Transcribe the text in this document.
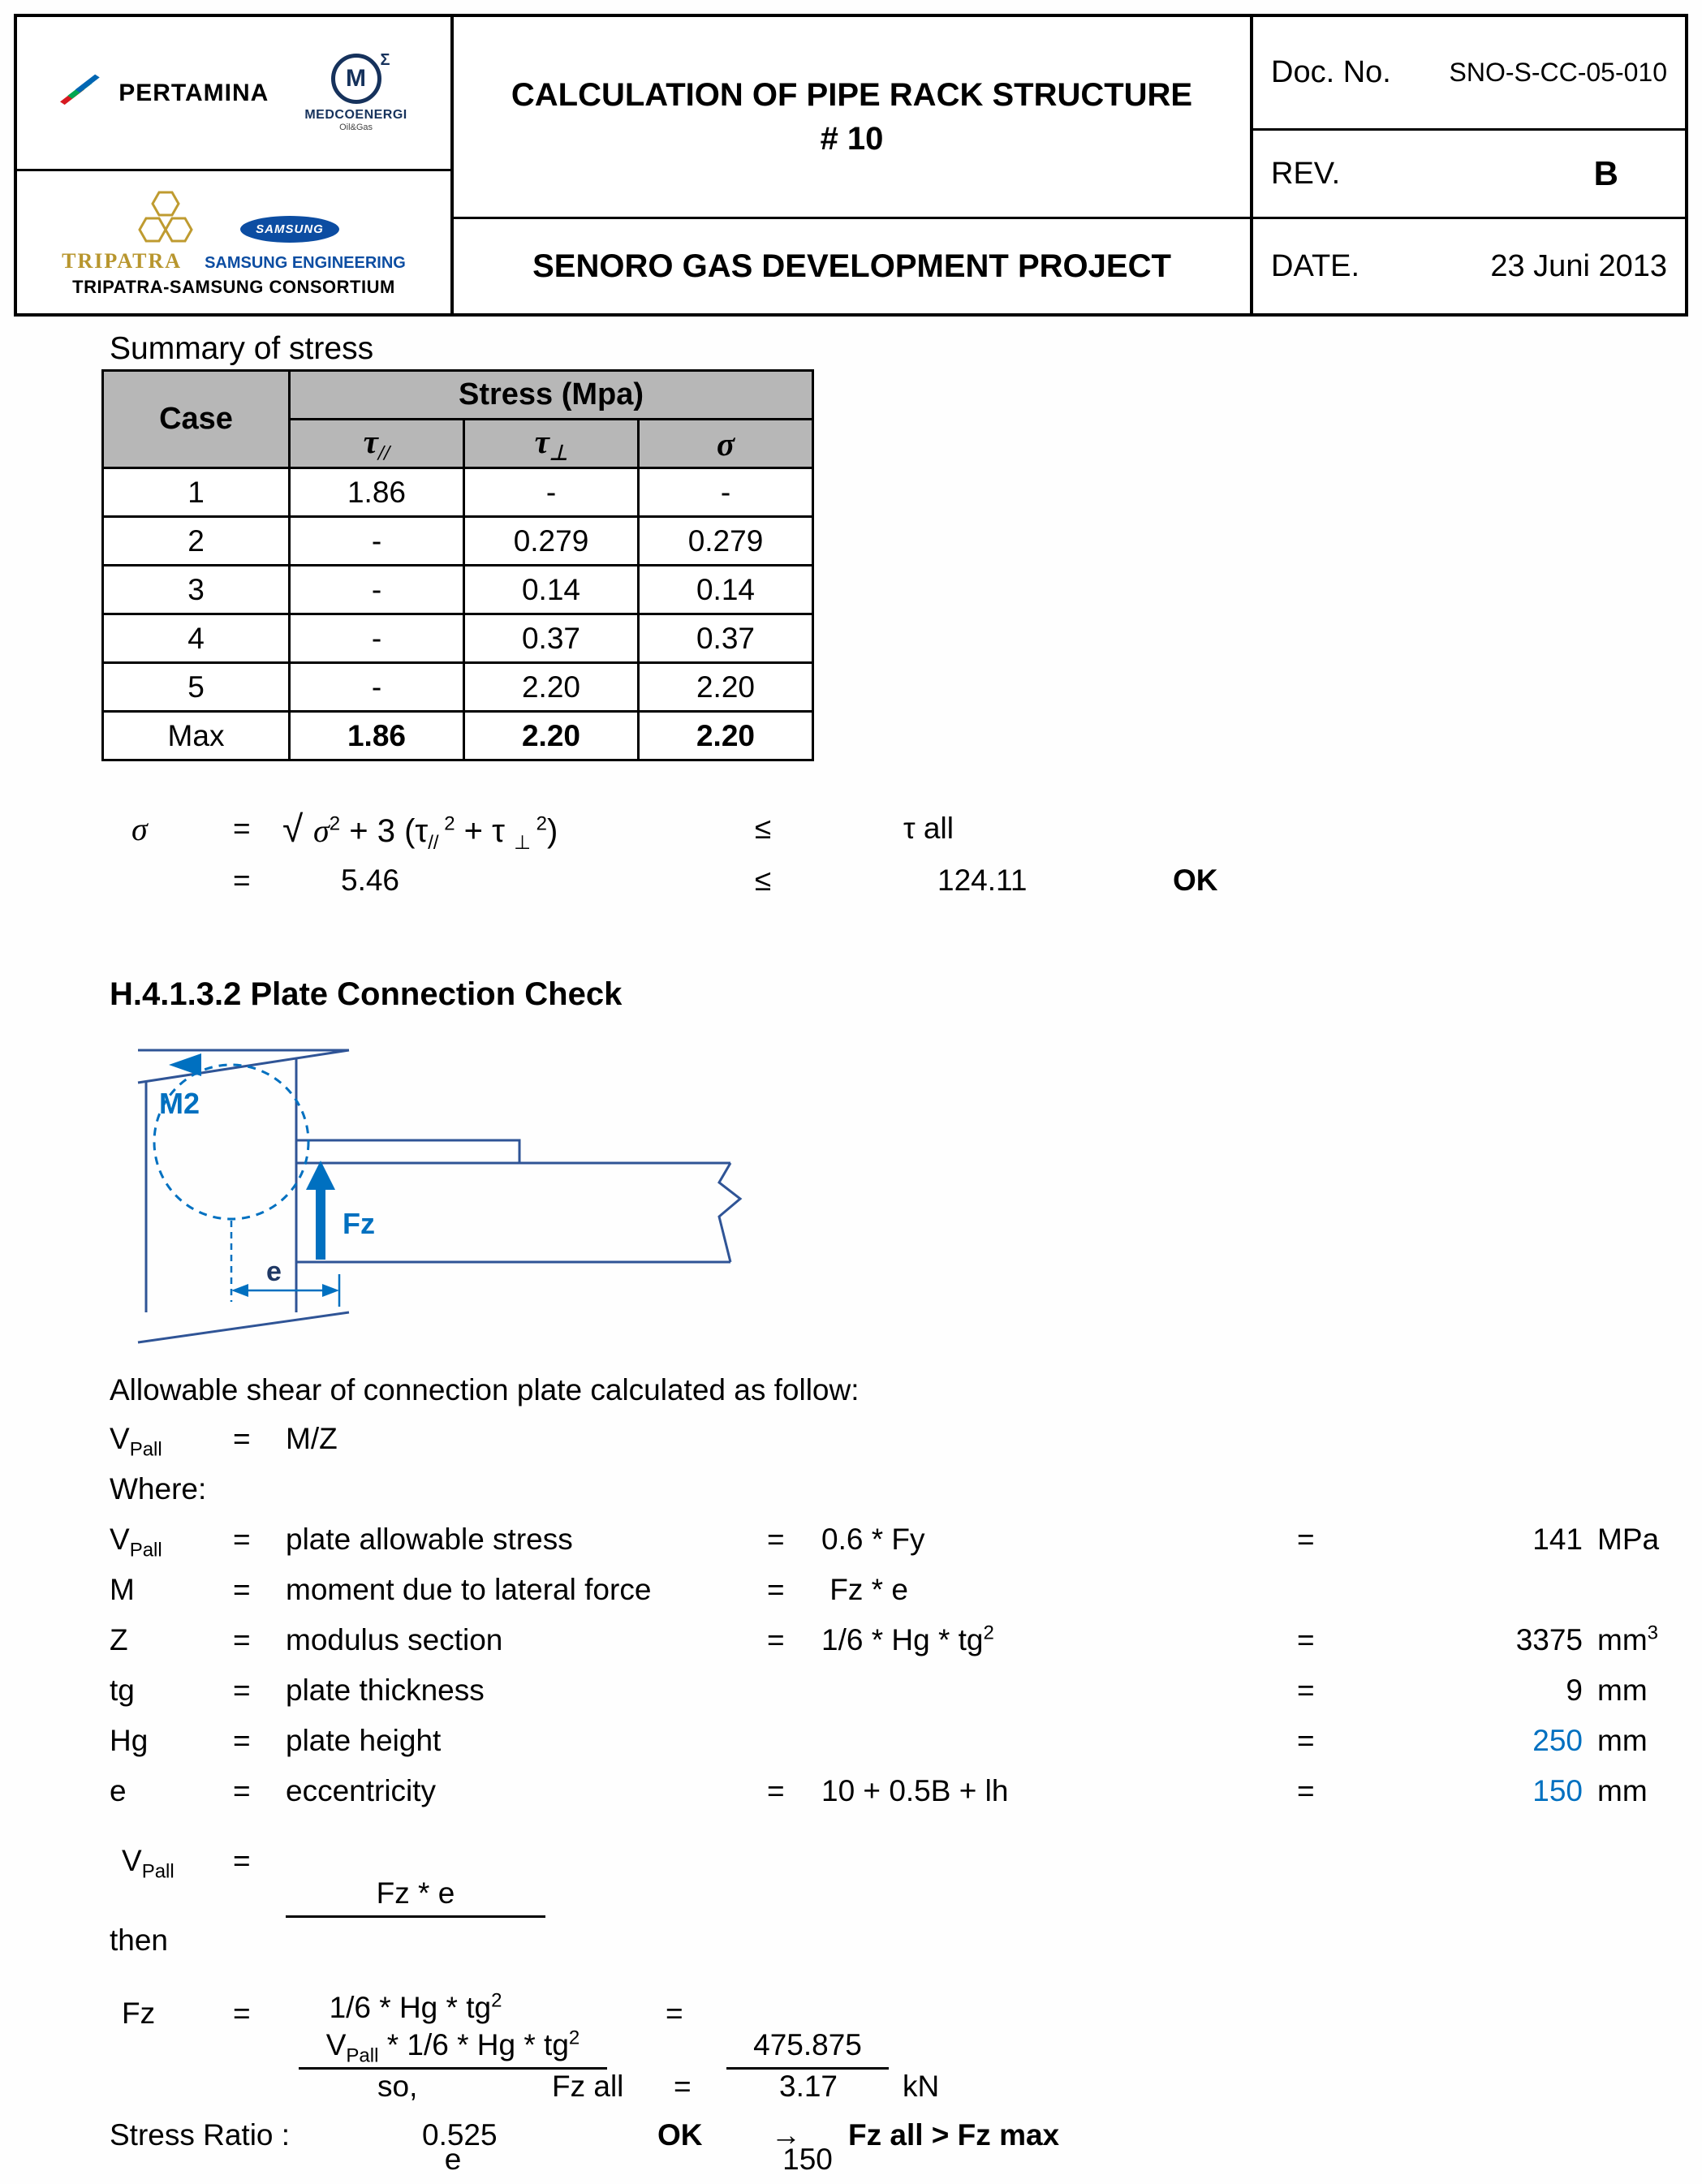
PERTAMINA
M
Σ
MEDCOENERGI
Oil&Gas
SAMSUNG
TRIPATRA SAMSUNG ENGINEERING
TRIPATRA-SAMSUNG CONSORTIUM
CALCULATION OF PIPE RACK STRUCTURE
# 10
SENORO GAS DEVELOPMENT PROJECT
Doc. No. SNO-S-CC-05-010
REV.	B
DATE.	23 Juni 2013
Summary of stress
Case	Stress (Mpa)		
	$\tau_{//}$	$\tau_\perp$	σ
1	1.86	-	-
2	-	0.279	0.279
3	-	0.14	0.14
4	-	0.37	0.37
5	-	2.20	2.20
Max	1.86	2.20	2.20
σ	= √ $\sigma^2 + 3$ ($\tau_{//}$ $^2$ + τ $_\perp$ $^2$)	≤	τ all
=	5.46	≤	124.11	OK
H.4.1.3.2 Plate Connection Check
M2
Fz
e
Allowable shear of connection plate calculated as follow:
$V_{Pall} = M/Z$
Where:
$V_{Pall}$ = plate allowable stress	= 0.6 * Fy	=	141 MPa
M	= moment due to lateral force	= Fz * e
Z	= modulus section	= 1/6 * Hg * $tg^2$	=	3375 $mm^3$
tg	= plate thickness	=	9 mm
Hg	= plate height	=	250 mm
e	= eccentricity	= 10 + 0.5B + lh	=	150 mm
$V_{Pall}$ =

$\frac{Fz * e}{1/6 * Hg * tg^2}$

then
Fz	=

$V_{Pall} * 1/6$ * Hg * $tg^2$

e

=

$\frac{475.875}{150}$

so,	Fz all =	3.17 kN
Stress Ratio :	0.525	OK → Fz all > Fz max
